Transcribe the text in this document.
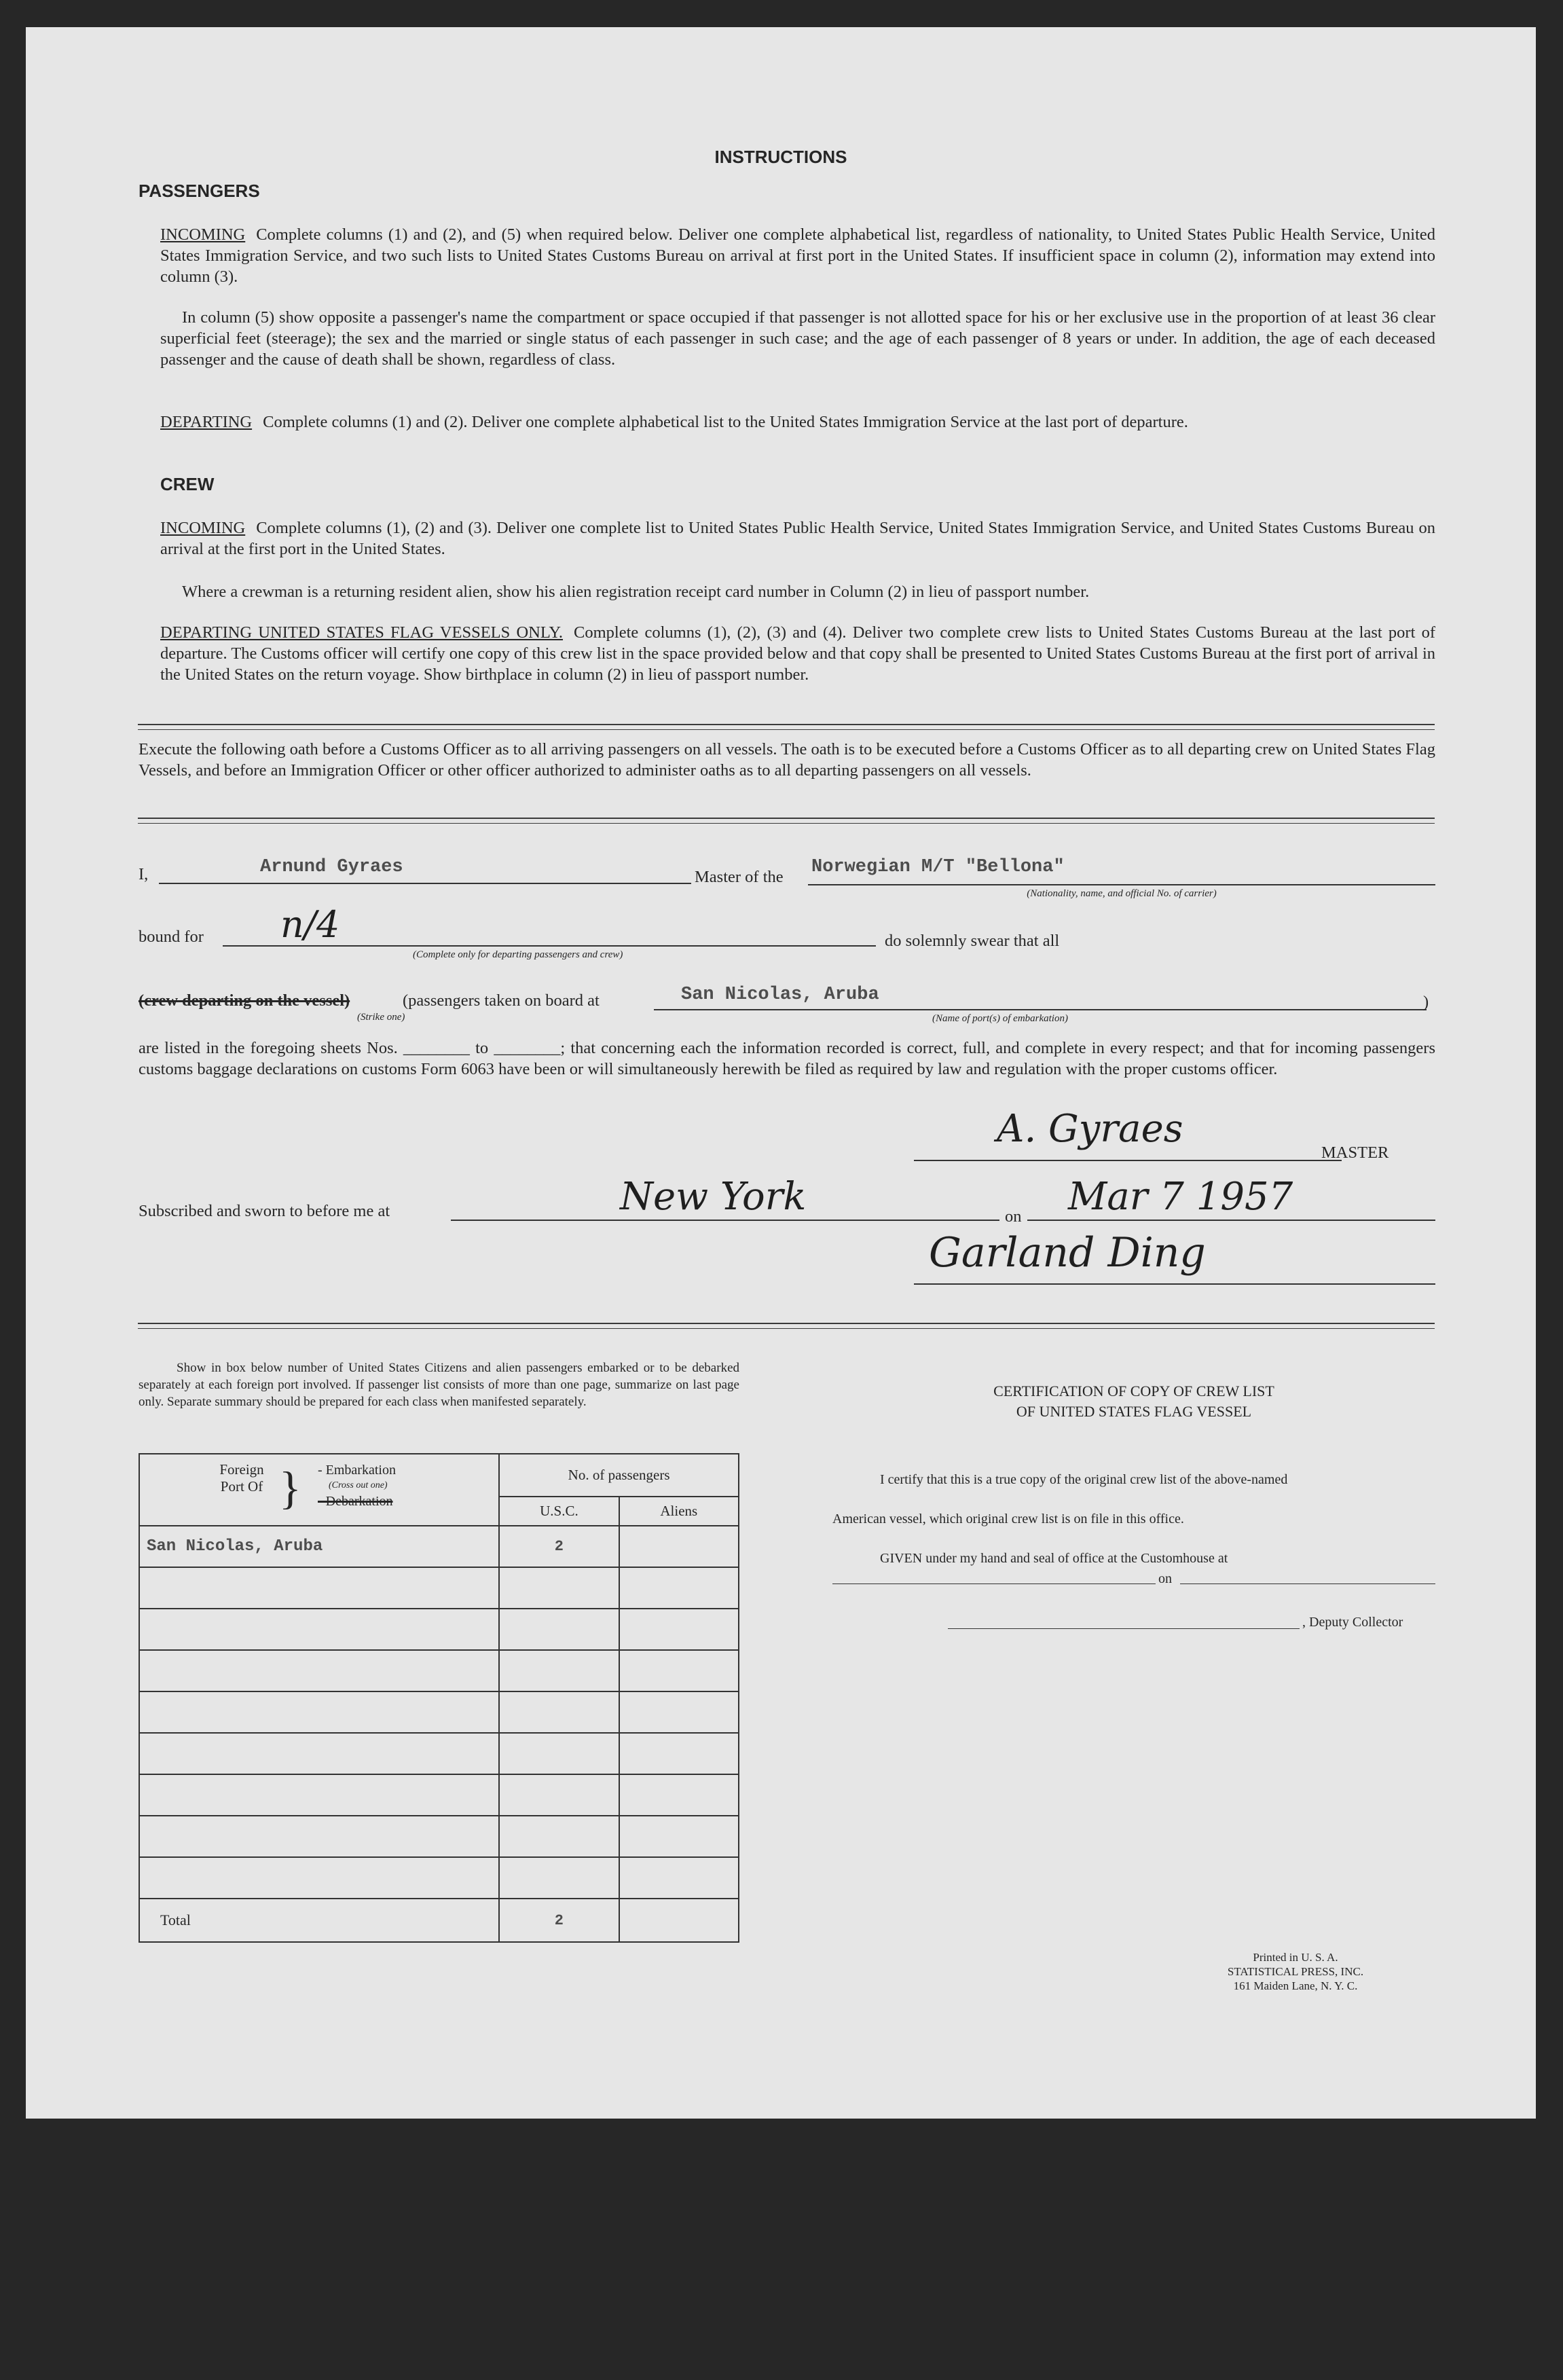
INSTRUCTIONS
PASSENGERS
INCOMING Complete columns (1) and (2), and (5) when required below. Deliver one complete alphabetical list, regardless of nationality, to United States Public Health Service, United States Immigration Service, and two such lists to United States Customs Bureau on arrival at first port in the United States. If insufficient space in column (2), information may extend into column (3).
In column (5) show opposite a passenger's name the compartment or space occupied if that passenger is not allotted space for his or her exclusive use in the proportion of at least 36 clear superficial feet (steerage); the sex and the married or single status of each passenger in such case; and the age of each passenger of 8 years or under. In addition, the age of each deceased passenger and the cause of death shall be shown, regardless of class.
DEPARTING Complete columns (1) and (2). Deliver one complete alphabetical list to the United States Immigration Service at the last port of departure.
CREW
INCOMING Complete columns (1), (2) and (3). Deliver one complete list to United States Public Health Service, United States Immigration Service, and United States Customs Bureau on arrival at the first port in the United States.
Where a crewman is a returning resident alien, show his alien registration receipt card number in Column (2) in lieu of passport number.
DEPARTING UNITED STATES FLAG VESSELS ONLY. Complete columns (1), (2), (3) and (4). Deliver two complete crew lists to United States Customs Bureau at the last port of departure. The Customs officer will certify one copy of this crew list in the space provided below and that copy shall be presented to United States Customs Bureau at the first port of arrival in the United States on the return voyage. Show birthplace in column (2) in lieu of passport number.
Execute the following oath before a Customs Officer as to all arriving passengers on all vessels. The oath is to be executed before a Customs Officer as to all departing crew on United States Flag Vessels, and before an Immigration Officer or other officer authorized to administer oaths as to all departing passengers on all vessels.
I,	Arnund Gyraes	Master of the Norwegian M/T "Bellona"
(Nationality, name, and official No. of carrier)
bound for n/4
(Complete only for departing passengers and crew)
do solemnly swear that all
(crew departing on the vessel)	(passengers taken on board at	San Nicolas, Aruba	)
(Strike one)	(Name of port(s) of embarkation)
are listed in the foregoing sheets Nos. ________ to ________; that concerning each the information recorded is correct, full, and complete in every respect; and that for incoming passengers customs baggage declarations on customs Form 6063 have been or will simultaneously herewith be filed as required by law and regulation with the proper customs officer.
A. Gyraes
MASTER
Subscribed and sworn to before me at	New York	on Mar 7 1957
Garland Ding
Show in box below number of United States Citizens and alien passengers embarked or to be debarked separately at each foreign port involved. If passenger list consists of more than one page, summarize on last page only. Separate summary should be prepared for each class when manifested separately.
Foreign Port Of } - Embarkation
(Cross out one)
- Debarkation	No. of passengers	
	U.S.C.	Aliens
San Nicolas, Aruba	2	

Total	2	
CERTIFICATION OF COPY OF CREW LIST
OF UNITED STATES FLAG VESSEL
I certify that this is a true copy of the original crew list of the above-named
American vessel, which original crew list is on file in this office.
GIVEN under my hand and seal of office at the Customhouse at
on
, Deputy Collector
Printed in U. S. A.
STATISTICAL PRESS, INC.
161 Maiden Lane, N. Y. C.
